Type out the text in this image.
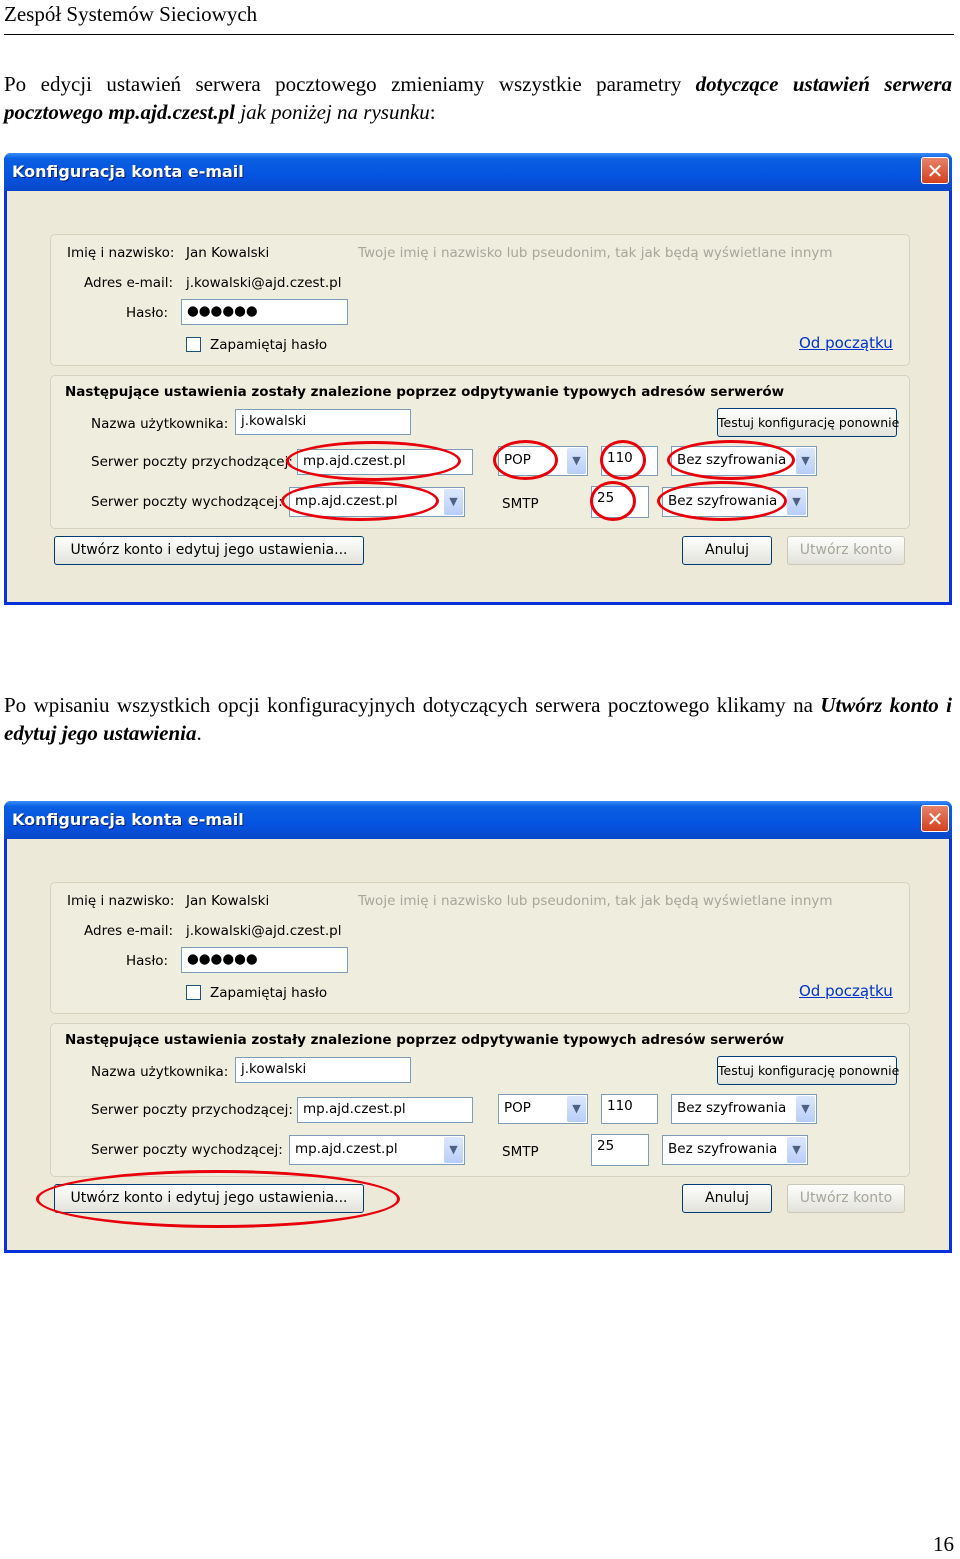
Zespół Systemów Sieciowych
Po edycji ustawień serwera pocztowego zmieniamy wszystkie parametry dotyczące ustawień serwera pocztowego mp.ajd.czest.pl jak poniżej na rysunku:
Konfiguracja konta e-mail	✕
Imię i nazwisko: Jan Kowalski	Twoje imię i nazwisko lub pseudonim, tak jak będą wyświetlane innym
Adres e-mail: j.kowalski@ajd.czest.pl
Hasło:	●●●●●●
Zapamiętaj hasło	Od początku
Następujące ustawienia zostały znalezione poprzez odpytywanie typowych adresów serwerów
Nazwa użytkownika: j.kowalski	Testuj konfigurację ponownie
Serwer poczty przychodzącej: mp.ajd.czest.pl	POP	▼	110	Bez szyfrowania	▼
Serwer poczty wychodzącej: mp.ajd.czest.pl	▼	SMTP	25	Bez szyfrowania	▼
Utwórz konto i edytuj jego ustawienia...	Anuluj	Utwórz konto
Po wpisaniu wszystkich opcji konfiguracyjnych dotyczących serwera pocztowego klikamy na Utwórz konto i edytuj jego ustawienia.
Konfiguracja konta e-mail	✕
Imię i nazwisko: Jan Kowalski	Twoje imię i nazwisko lub pseudonim, tak jak będą wyświetlane innym
Adres e-mail: j.kowalski@ajd.czest.pl
Hasło:	●●●●●●
Zapamiętaj hasło	Od początku
Następujące ustawienia zostały znalezione poprzez odpytywanie typowych adresów serwerów
Nazwa użytkownika: j.kowalski	Testuj konfigurację ponownie
Serwer poczty przychodzącej: mp.ajd.czest.pl	POP	▼	110	Bez szyfrowania	▼
Serwer poczty wychodzącej: mp.ajd.czest.pl	▼	SMTP	25	Bez szyfrowania	▼
Utwórz konto i edytuj jego ustawienia...	Anuluj	Utwórz konto
16
